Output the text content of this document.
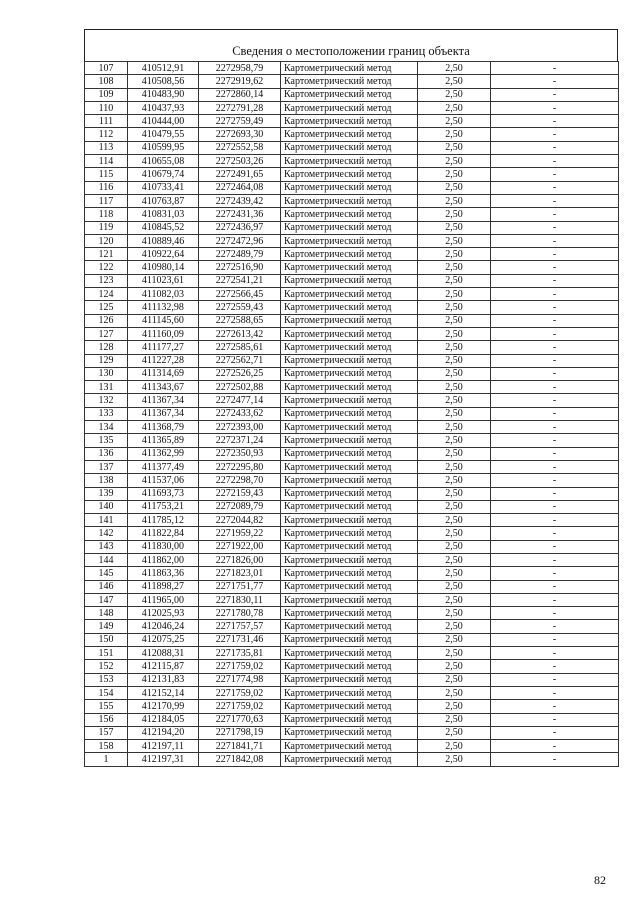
Сведения о местоположении границ объекта
107	410512,91	2272958,79	Картометрический метод	2,50	-
108	410508,56	2272919,62	Картометрический метод	2,50	-
109	410483,90	2272860,14	Картометрический метод	2,50	-
110	410437,93	2272791,28	Картометрический метод	2,50	-
111	410444,00	2272759,49	Картометрический метод	2,50	-
112	410479,55	2272693,30	Картометрический метод	2,50	-
113	410599,95	2272552,58	Картометрический метод	2,50	-
114	410655,08	2272503,26	Картометрический метод	2,50	-
115	410679,74	2272491,65	Картометрический метод	2,50	-
116	410733,41	2272464,08	Картометрический метод	2,50	-
117	410763,87	2272439,42	Картометрический метод	2,50	-
118	410831,03	2272431,36	Картометрический метод	2,50	-
119	410845,52	2272436,97	Картометрический метод	2,50	-
120	410889,46	2272472,96	Картометрический метод	2,50	-
121	410922,64	2272489,79	Картометрический метод	2,50	-
122	410980,14	2272516,90	Картометрический метод	2,50	-
123	411023,61	2272541,21	Картометрический метод	2,50	-
124	411082,03	2272566,45	Картометрический метод	2,50	-
125	411132,98	2272559,43	Картометрический метод	2,50	-
126	411145,60	2272588,65	Картометрический метод	2,50	-
127	411160,09	2272613,42	Картометрический метод	2,50	-
128	411177,27	2272585,61	Картометрический метод	2,50	-
129	411227,28	2272562,71	Картометрический метод	2,50	-
130	411314,69	2272526,25	Картометрический метод	2,50	-
131	411343,67	2272502,88	Картометрический метод	2,50	-
132	411367,34	2272477,14	Картометрический метод	2,50	-
133	411367,34	2272433,62	Картометрический метод	2,50	-
134	411368,79	2272393,00	Картометрический метод	2,50	-
135	411365,89	2272371,24	Картометрический метод	2,50	-
136	411362,99	2272350,93	Картометрический метод	2,50	-
137	411377,49	2272295,80	Картометрический метод	2,50	-
138	411537,06	2272298,70	Картометрический метод	2,50	-
139	411693,73	2272159,43	Картометрический метод	2,50	-
140	411753,21	2272089,79	Картометрический метод	2,50	-
141	411785,12	2272044,82	Картометрический метод	2,50	-
142	411822,84	2271959,22	Картометрический метод	2,50	-
143	411830,00	2271922,00	Картометрический метод	2,50	-
144	411862,00	2271826,00	Картометрический метод	2,50	-
145	411863,36	2271823,01	Картометрический метод	2,50	-
146	411898,27	2271751,77	Картометрический метод	2,50	-
147	411965,00	2271830,11	Картометрический метод	2,50	-
148	412025,93	2271780,78	Картометрический метод	2,50	-
149	412046,24	2271757,57	Картометрический метод	2,50	-
150	412075,25	2271731,46	Картометрический метод	2,50	-
151	412088,31	2271735,81	Картометрический метод	2,50	-
152	412115,87	2271759,02	Картометрический метод	2,50	-
153	412131,83	2271774,98	Картометрический метод	2,50	-
154	412152,14	2271759,02	Картометрический метод	2,50	-
155	412170,99	2271759,02	Картометрический метод	2,50	-
156	412184,05	2271770,63	Картометрический метод	2,50	-
157	412194,20	2271798,19	Картометрический метод	2,50	-
158	412197,11	2271841,71	Картометрический метод	2,50	-
1	412197,31	2271842,08	Картометрический метод	2,50	-
82
